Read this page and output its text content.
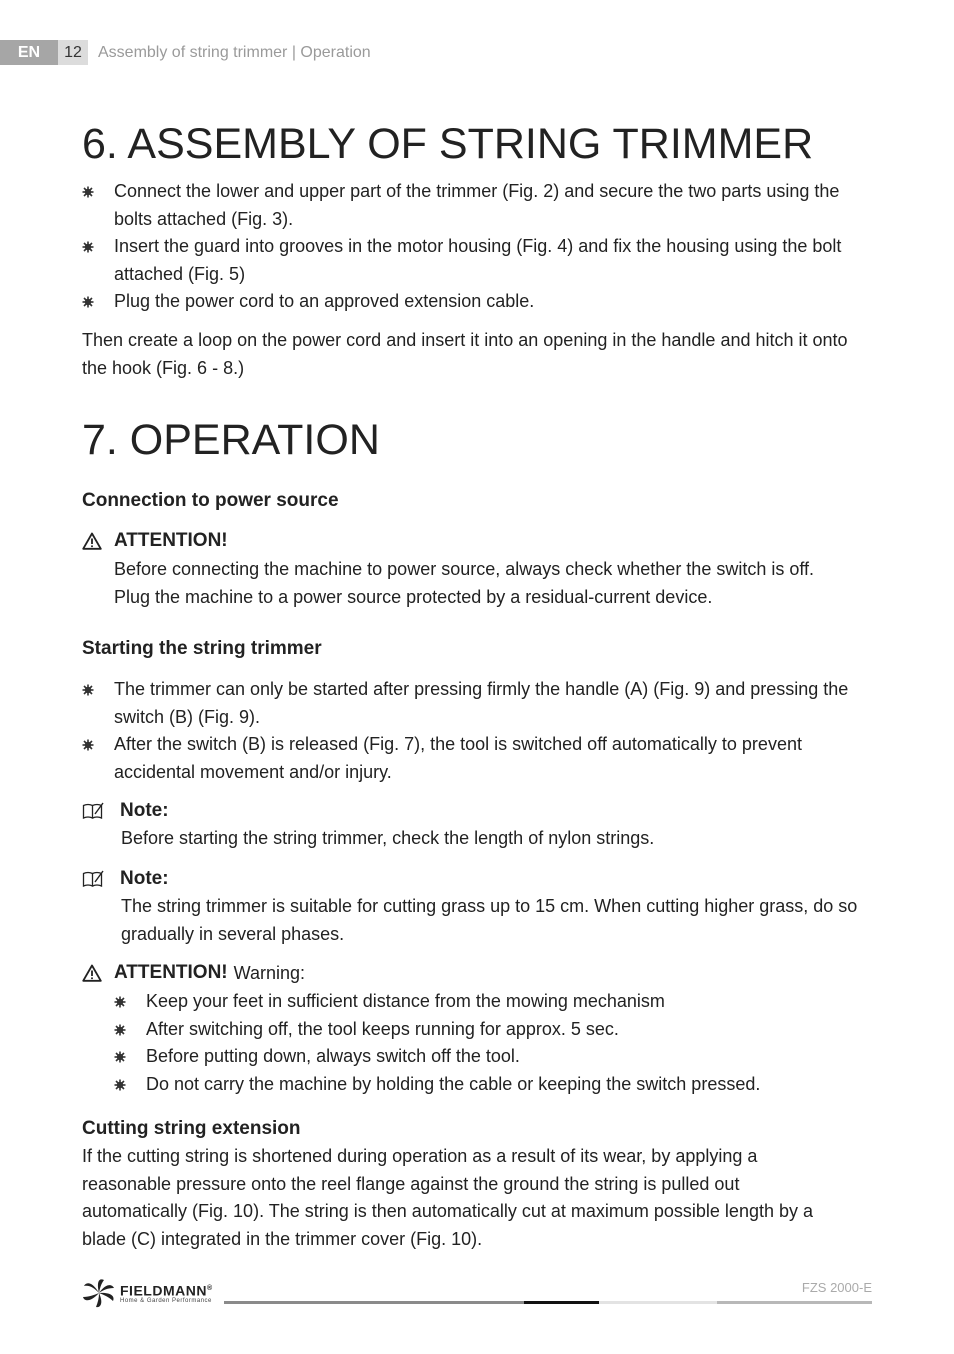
EN	12	Assembly of string trimmer | Operation
6. ASSEMBLY OF STRING TRIMMER
Connect the lower and upper part of the trimmer (Fig. 2) and secure the two parts using the bolts attached (Fig. 3).
Insert the guard into grooves in the motor housing (Fig. 4) and fix the housing using the bolt attached (Fig. 5)
Plug the power cord to an approved extension cable.
Then create a loop on the power cord and insert it into an opening in the handle and hitch it onto the hook (Fig. 6 - 8.)
7. OPERATION
Connection to power source
ATTENTION!
Before connecting the machine to power source, always check whether the switch is off.
Plug the machine to a power source protected by a residual-current device.
Starting the string trimmer
The trimmer can only be started after pressing firmly the handle (A) (Fig. 9) and pressing the switch (B) (Fig. 9).
After the switch (B) is released (Fig. 7), the tool is switched off automatically to prevent accidental movement and/or injury.
Note:
Before starting the string trimmer, check the length of nylon strings.
Note:
The string trimmer is suitable for cutting grass up to 15 cm. When cutting higher grass, do so gradually in several phases.
ATTENTION! Warning:
Keep your feet in sufficient distance from the mowing mechanism
After switching off, the tool keeps running for approx. 5 sec.
Before putting down, always switch off the tool.
Do not carry the machine by holding the cable or keeping the switch pressed.
Cutting string extension
If the cutting string is shortened during operation as a result of its wear, by applying a reasonable pressure onto the reel flange against the ground the string is pulled out automatically (Fig. 10). The string is then automatically cut at maximum possible length by a blade (C) integrated in the trimmer cover (Fig. 10).
FIELDMANN®
Home & Garden Performance
FZS 2000-E
